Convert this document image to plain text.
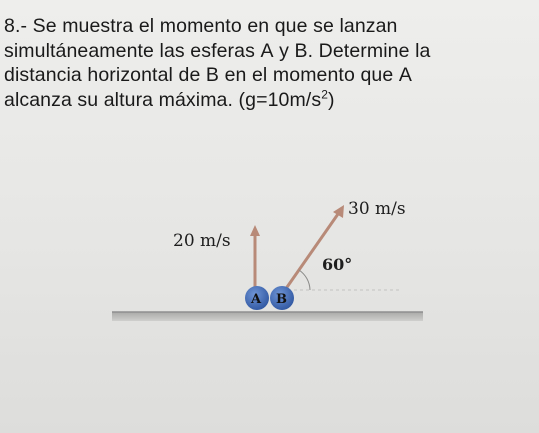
8.- Se muestra el momento en que se lanzan
simultáneamente las esferas A y B. Determine la
distancia horizontal de B en el momento que A
alcanza su altura máxima. $(g=10m/s^2)$
A B
20 m/s
30 m/s
60°
